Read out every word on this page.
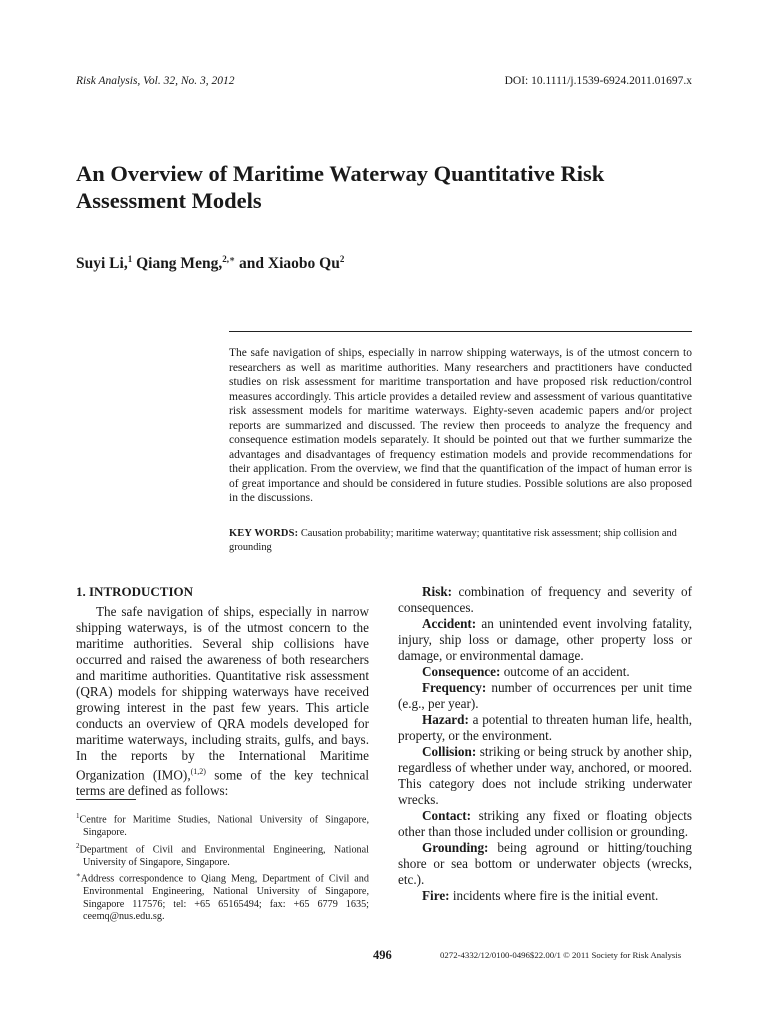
Risk Analysis, Vol. 32, No. 3, 2012	DOI: 10.1111/j.1539-6924.2011.01697.x
An Overview of Maritime Waterway Quantitative Risk Assessment Models
Suyi Li,$^1$ Qiang Meng,$^{2,∗}$ and Xiaobo Qu$^2$
The safe navigation of ships, especially in narrow shipping waterways, is of the utmost concern to researchers as well as maritime authorities. Many researchers and practitioners have conducted studies on risk assessment for maritime transportation and have proposed risk reduction/control measures accordingly. This article provides a detailed review and assessment of various quantitative risk assessment models for maritime waterways. Eighty-seven academic papers and/or project reports are summarized and discussed. The review then proceeds to analyze the frequency and consequence estimation models separately. It should be pointed out that we further summarize the advantages and disadvantages of frequency estimation models and provide recommendations for their application. From the overview, we find that the quantification of the impact of human error is of great importance and should be considered in future studies. Possible solutions are also proposed in the discussions.
KEY WORDS: Causation probability; maritime waterway; quantitative risk assessment; ship collision and grounding
1. INTRODUCTION
The safe navigation of ships, especially in narrow shipping waterways, is of the utmost concern to the maritime authorities. Several ship collisions have occurred and raised the awareness of both researchers and maritime authorities. Quantitative risk assessment (QRA) models for shipping waterways have received growing interest in the past few years. This article conducts an overview of QRA models developed for maritime waterways, including straits, gulfs, and bays. In the reports by the International Maritime Organization (IMO),$^{(1,2)}$ some of the key technical terms are defined as follows:

$^1$Centre for Maritime Studies, National University of Singapore, Singapore.

$^2$Department of Civil and Environmental Engineering, National University of Singapore, Singapore.

∗Address correspondence to Qiang Meng, Department of Civil and Environmental Engineering, National University of Singapore, Singapore 117576; tel: +65 65165494; fax: +65 6779 1635; ceemq@nus.edu.sg.

Risk: combination of frequency and severity of consequences.

Accident: an unintended event involving fatality, injury, ship loss or damage, other property loss or damage, or environmental damage.

Consequence: outcome of an accident.

Frequency: number of occurrences per unit time (e.g., per year).

Hazard: a potential to threaten human life, health, property, or the environment.

Collision: striking or being struck by another ship, regardless of whether under way, anchored, or moored. This category does not include striking underwater wrecks.

Contact: striking any fixed or floating objects other than those included under collision or grounding.

Grounding: being aground or hitting/touching shore or sea bottom or underwater objects (wrecks, etc.).

Fire: incidents where fire is the initial event.

496	0272-4332/12/0100-0496$22.00/1 © 2011 Society for Risk Analysis
